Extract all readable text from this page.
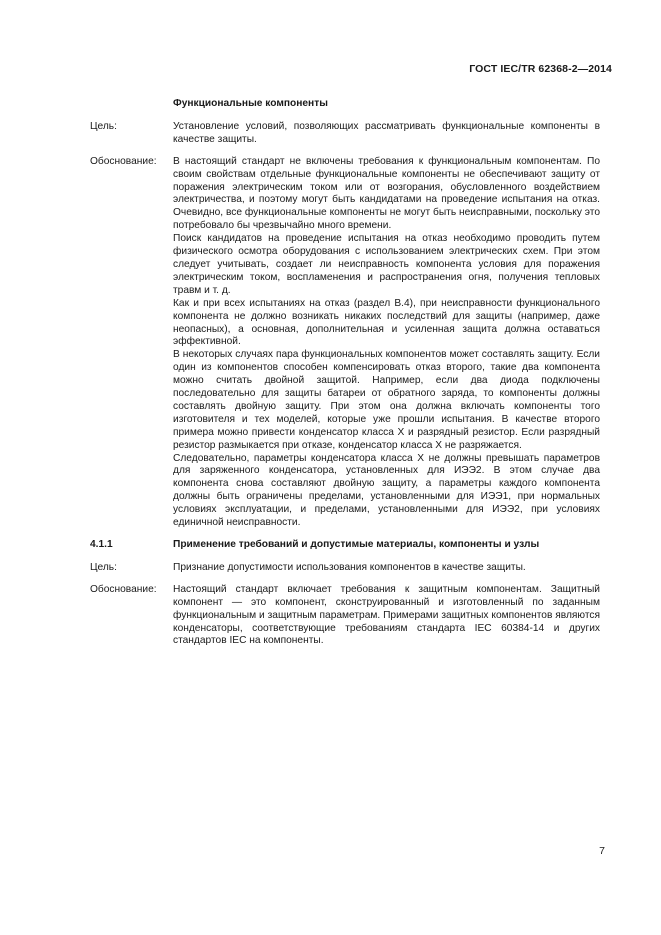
ГОСТ IEC/TR 62368-2—2014
Функциональные компоненты
Цель:	Установление условий, позволяющих рассматривать функциональные компоненты в качестве защиты.
Обоснование:	В настоящий стандарт не включены требования к функциональным компонентам. По своим свойствам отдельные функциональные компоненты не обеспечивают защиту от поражения электрическим током или от возгорания, обусловленного воздействием электричества, и поэтому могут быть кандидатами на проведение испытания на отказ. Очевидно, все функциональные компоненты не могут быть неисправными, поскольку это потребовало бы чрезвычайно много времени.

Поиск кандидатов на проведение испытания на отказ необходимо проводить путем физического осмотра оборудования с использованием электрических схем. При этом следует учитывать, создает ли неисправность компонента условия для поражения электрическим током, воспламенения и распространения огня, получения тепловых травм и т. д.

Как и при всех испытаниях на отказ (раздел B.4), при неисправности функционального компонента не должно возникать никаких последствий для защиты (например, даже неопасных), а основная, дополнительная и усиленная защита должна оставаться эффективной.

В некоторых случаях пара функциональных компонентов может составлять защиту. Если один из компонентов способен компенсировать отказ второго, такие два компонента можно считать двойной защитой. Например, если два диода подключены последовательно для защиты батареи от обратного заряда, то компоненты должны составлять двойную защиту. При этом она должна включать компоненты того изготовителя и тех моделей, которые уже прошли испытания. В качестве второго примера можно привести конденсатор класса X и разрядный резистор. Если разрядный резистор размыкается при отказе, конденсатор класса X не разряжается.

Следовательно, параметры конденсатора класса X не должны превышать параметров для заряженного конденсатора, установленных для ИЭЭ2. В этом случае два компонента снова составляют двойную защиту, а параметры каждого компонента должны быть ограничены пределами, установленными для ИЭЭ1, при нормальных условиях эксплуатации, и пределами, установленными для ИЭЭ2, при условиях единичной неисправности.

4.1.1	Применение требований и допустимые материалы, компоненты и узлы
Цель:	Признание допустимости использования компонентов в качестве защиты.
Обоснование:	Настоящий стандарт включает требования к защитным компонентам. Защитный компонент — это компонент, сконструированный и изготовленный по заданным функциональным и защитным параметрам. Примерами защитных компонентов являются конденсаторы, соответствующие требованиям стандарта IEC 60384-14 и других стандартов IEC на компоненты.
7
